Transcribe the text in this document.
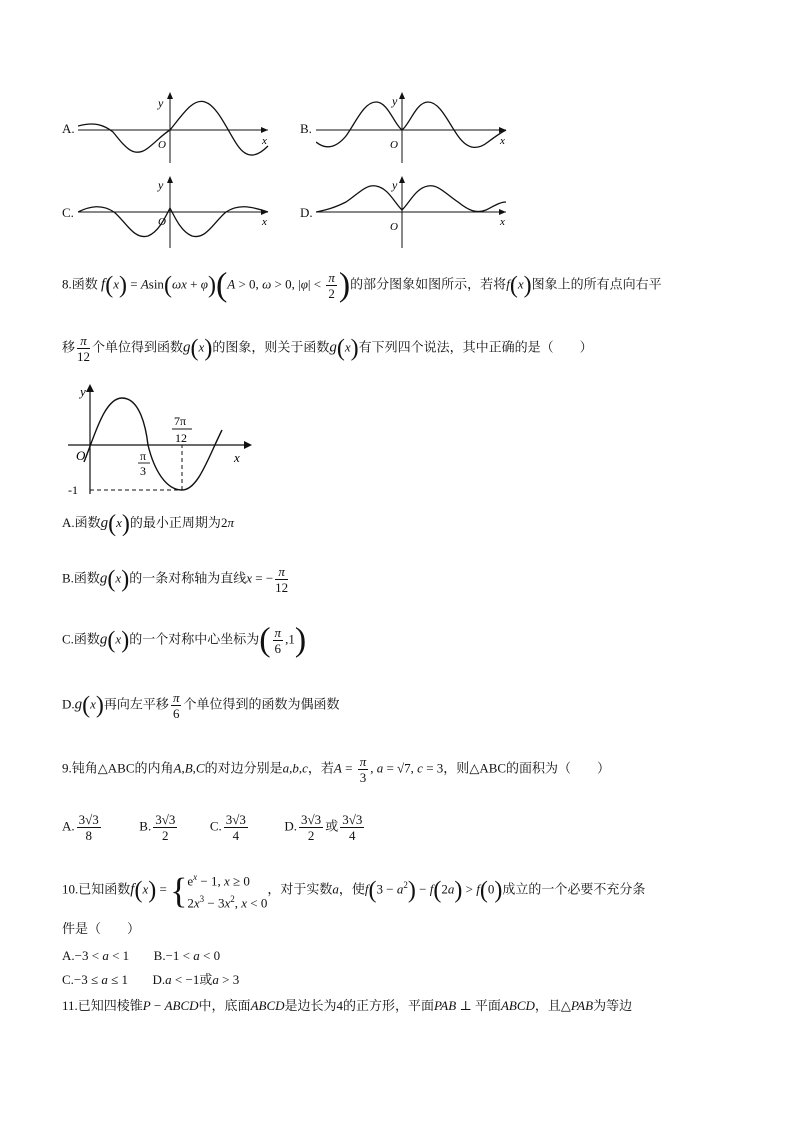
A.
y
x
O
B.
y
x
O
C.
y
x
O
D.
y
x
O
8.函数 f(x) = Asin(ωx + φ)(A > 0, ω > 0, $|\varphi| < \frac{\pi}{2}$ )的部分图象如图所示，若将f(x)图象上的所有点向右平
移 $\frac{\pi}{12}$ 个单位得到函数g(x)的图象，则关于函数g(x)有下列四个说法，其中正确的是（　　）
y
x
O	π
3
7π
12
-1
A.函数g(x)的最小正周期为2π
B.函数g(x)的一条对称轴为直线x = − $\frac{\pi}{12}$
C.函数g(x)的一个对称中心坐标为( $\frac{\pi}{6} ,1$)
D.g(x)再向左平移 $\frac{\pi}{6}$ 个单位得到的函数为偶函数
9.钝角△ABC的内角A,B,C的对边分别是a,b,c，若$A = \frac{\pi}{3}$ , a = √7, c = 3，则△ABC的面积为（　　）
A. $\frac{3√3}{8}$	B. $\frac{3√3}{2}$	C. $\frac{3√3}{4}$	D. $\frac{3√3}{2}$ 或 $\frac{3√3}{4}$
10.已知函数f(x) = { $e^x - 1$, x ≥ 0
$2x^3 - 3x^2$, x < 0
，对于实数a，使$f(3 - a^2) - f(2a) > f(0)$成立的一个必要不充分条
件是（　　）
A.−3 < a < 1  B.−1 < a < 0
C.−3 ≤ a ≤ 1  D.a < −1或a > 3
11.已知四棱锥P − ABCD中，底面ABCD是边长为4的正方形，平面PAB ⊥ 平面ABCD，且△PAB为等边
